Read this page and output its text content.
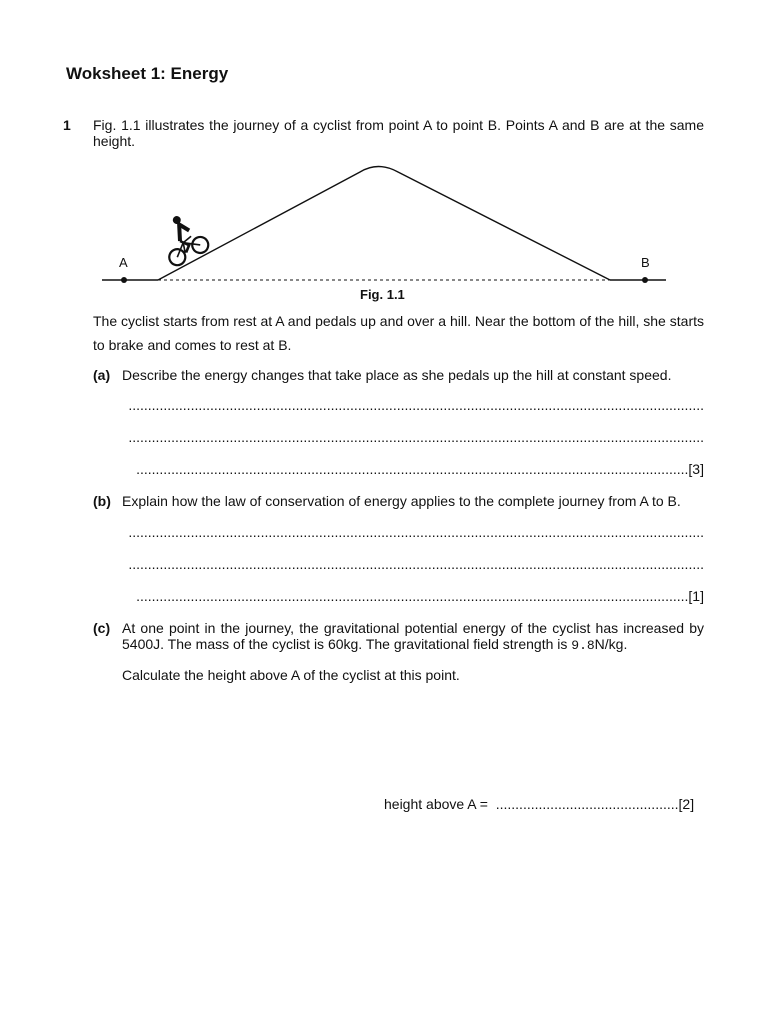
Woksheet 1: Energy
1 Fig. 1.1 illustrates the journey of a cyclist from point A to point B. Points A and B are at the same height.
A	B
Fig. 1.1
The cyclist starts from rest at A and pedals up and over a hill. Near the bottom of the hill, she starts to brake and comes to rest at B.
(a) Describe the energy changes that take place as she pedals up the hill at constant speed.
....................................................................................................................................................
....................................................................................................................................................
..............................................................................................................................................[3]
(b) Explain how the law of conservation of energy applies to the complete journey from A to B.
....................................................................................................................................................
....................................................................................................................................................
..............................................................................................................................................[1]
(c) At one point in the journey, the gravitational potential energy of the cyclist has increased by 5400J. The mass of the cyclist is 60kg. The gravitational field strength is 9.8N/kg.
Calculate the height above A of the cyclist at this point.
height above A = ...............................................[2]
